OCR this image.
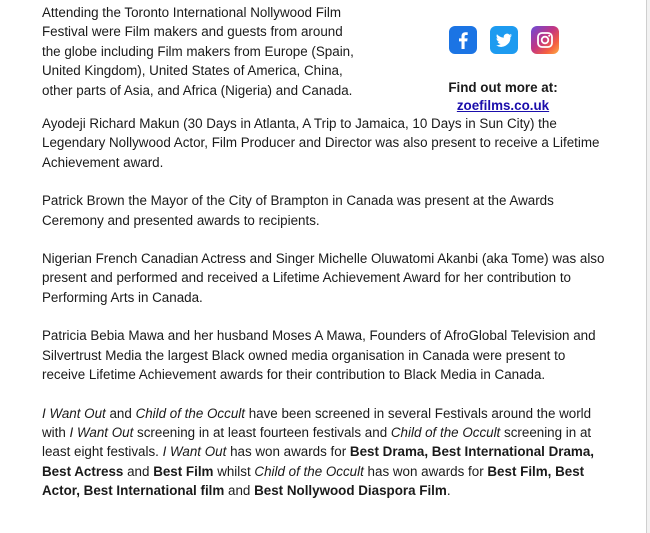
Attending the Toronto International Nollywood Film Festival were Film makers and guests from around the globe including Film makers from Europe (Spain, United Kingdom), United States of America, China, other parts of Asia, and Africa (Nigeria) and Canada.

Ayodeji Richard Makun (30 Days in Atlanta, A Trip to Jamaica, 10 Days in Sun City) the Legendary Nollywood Actor, Film Producer and Director was also present to receive a Lifetime Achievement award.

Patrick Brown the Mayor of the City of Brampton in Canada was present at the Awards Ceremony and presented awards to recipients.

Nigerian French Canadian Actress and Singer Michelle Oluwatomi Akanbi (aka Tome) was also present and performed and received a Lifetime Achievement Award for her contribution to Performing Arts in Canada.

Patricia Bebia Mawa and her husband Moses A Mawa, Founders of AfroGlobal Television and Silvertrust Media the largest Black owned media organisation in Canada were present to receive Lifetime Achievement awards for their contribution to Black Media in Canada.

I Want Out and Child of the Occult have been screened in several Festivals around the world with I Want Out screening in at least fourteen festivals and Child of the Occult screening in at least eight festivals. I Want Out has won awards for Best Drama, Best International Drama, Best Actress and Best Film whilst Child of the Occult has won awards for Best Film, Best Actor, Best International film and Best Nollywood Diaspora Film.

Find out more at:
zoefilms.co.uk
